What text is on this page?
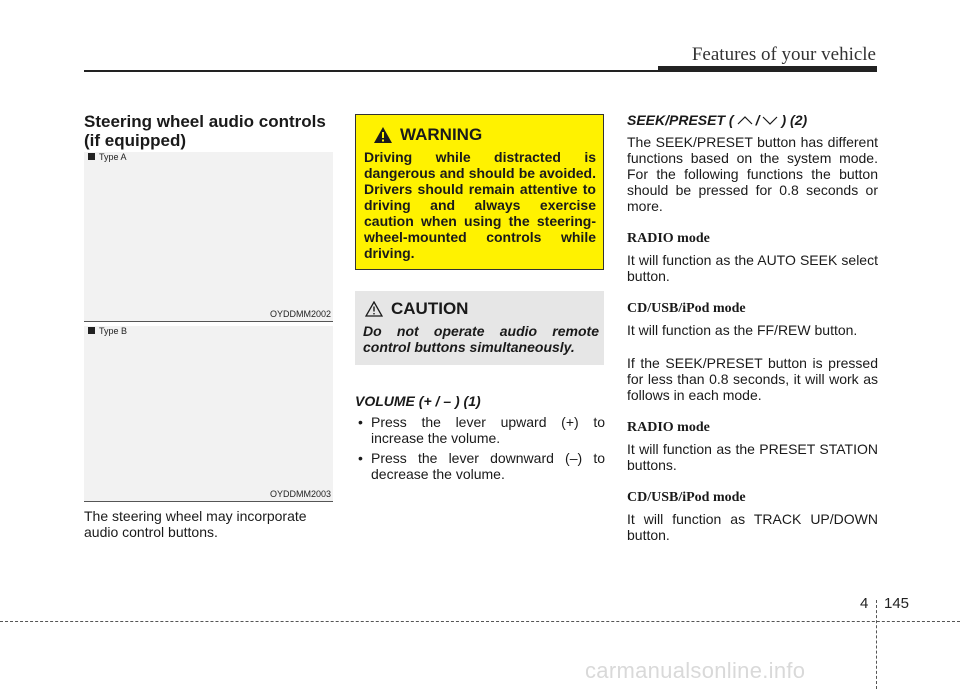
Features of your vehicle
Steering wheel audio controls
(if equipped)
Type A
OYDDMM2002
Type B
OYDDMM2003
The steering wheel may incorporate audio control buttons.
WARNING
Driving while distracted is dangerous and should be avoided. Drivers should remain attentive to driving and always exercise caution when using the steering-wheel-mounted controls while driving.
CAUTION
Do not operate audio remote control buttons simultaneously.
VOLUME (+ / – ) (1)
• Press the lever upward (+) to increase the volume.
• Press the lever downward (–) to decrease the volume.
SEEK/PRESET ( / ) (2)

The SEEK/PRESET button has different functions based on the system mode. For the following functions the button should be pressed for 0.8 seconds or more.

RADIO mode

It will function as the AUTO SEEK select button.

CD/USB/iPod mode

It will function as the FF/REW button.

If the SEEK/PRESET button is pressed for less than 0.8 seconds, it will work as follows in each mode.

RADIO mode

It will function as the PRESET STATION buttons.

CD/USB/iPod mode

It will function as TRACK UP/DOWN button.

4 145
carmanualsonline.info
